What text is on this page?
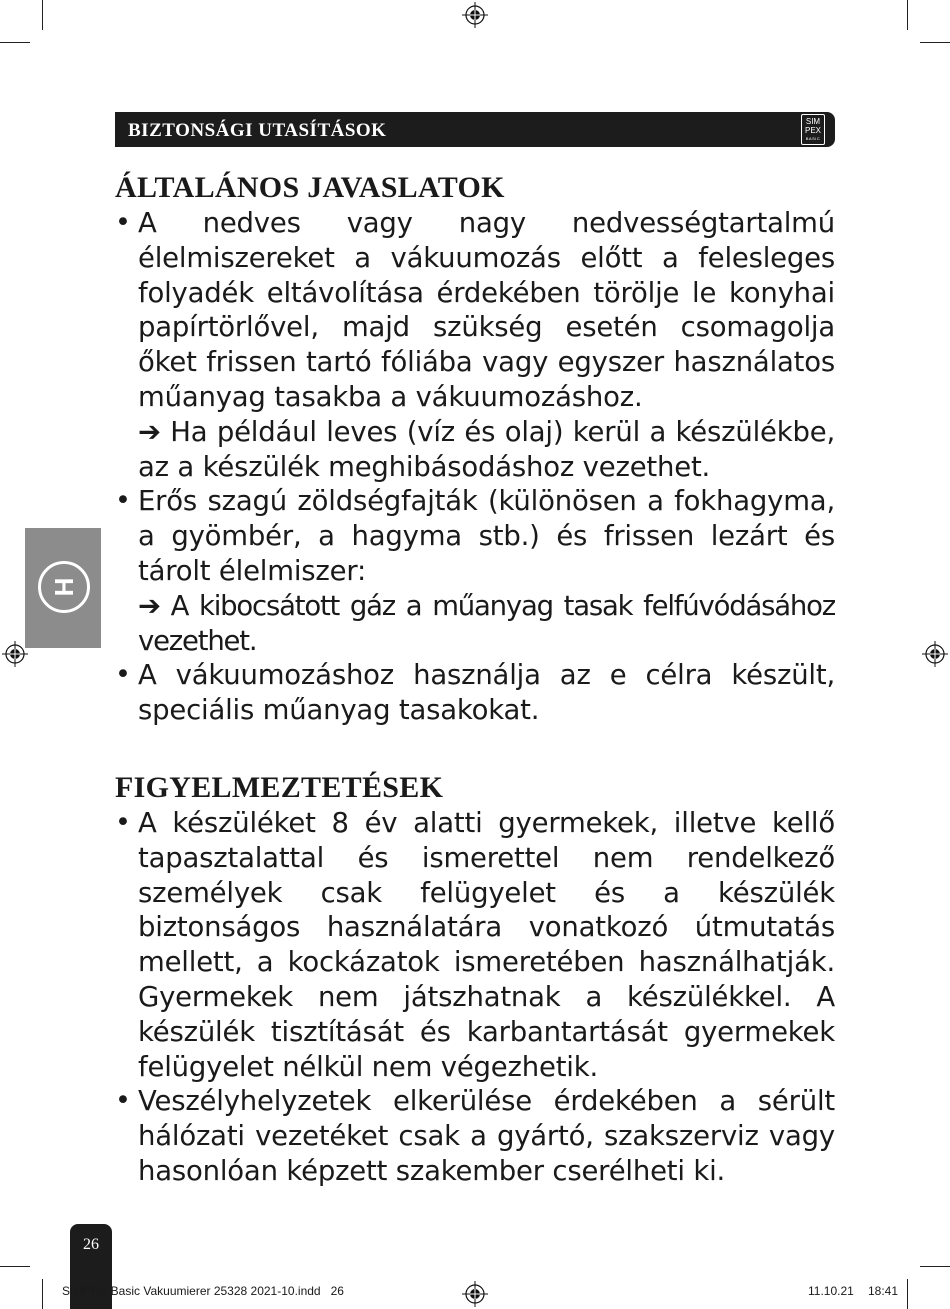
BIZTONSÁGI UTASÍTÁSOK	SIM
PEX
BASIC
H
ÁLTALÁNOS JAVASLATOK
• A nedves vagy nagy nedvességtartalmú élelmiszereket a vákuumozás előtt a felesleges folyadék eltávolítása érdekében törölje le konyhai papírtörlővel, majd szükség esetén csomagolja őket frissen tartó fóliába vagy egyszer használatos műanyag tasakba a vákuumozáshoz.
➔ Ha például leves (víz és olaj) kerül a készülékbe, az a készülék meghibásodáshoz vezethet.
• Erős szagú zöldségfajták (különösen a fokhagyma, a gyömbér, a hagyma stb.) és frissen lezárt és tárolt élelmiszer:
➔ A kibocsátott gáz a műanyag tasak felfúvódásához vezethet.
• A vákuumozáshoz használja az e célra készült, speciális műanyag tasakokat.
FIGYELMEZTETÉSEK
• A készüléket 8 év alatti gyermekek, illetve kellő tapasztalattal és ismerettel nem rendelkező személyek csak felügyelet és a készülék biztonságos használatára vonatkozó útmutatás mellett, a kockázatok ismeretében használhatják. Gyermekek nem játszhatnak a készülékkel. A készülék tisztítását és karbantartását gyermekek felügyelet nélkül nem végezhetik.
• Veszélyhelyzetek elkerülése érdekében a sérült hálózati vezetéket csak a gyártó, szakszerviz vagy hasonlóan képzett szakember cserélheti ki.
26
SIMPEX Basic Vakuumierer 25328 2021-10.indd   26	11.10.21 18:41
